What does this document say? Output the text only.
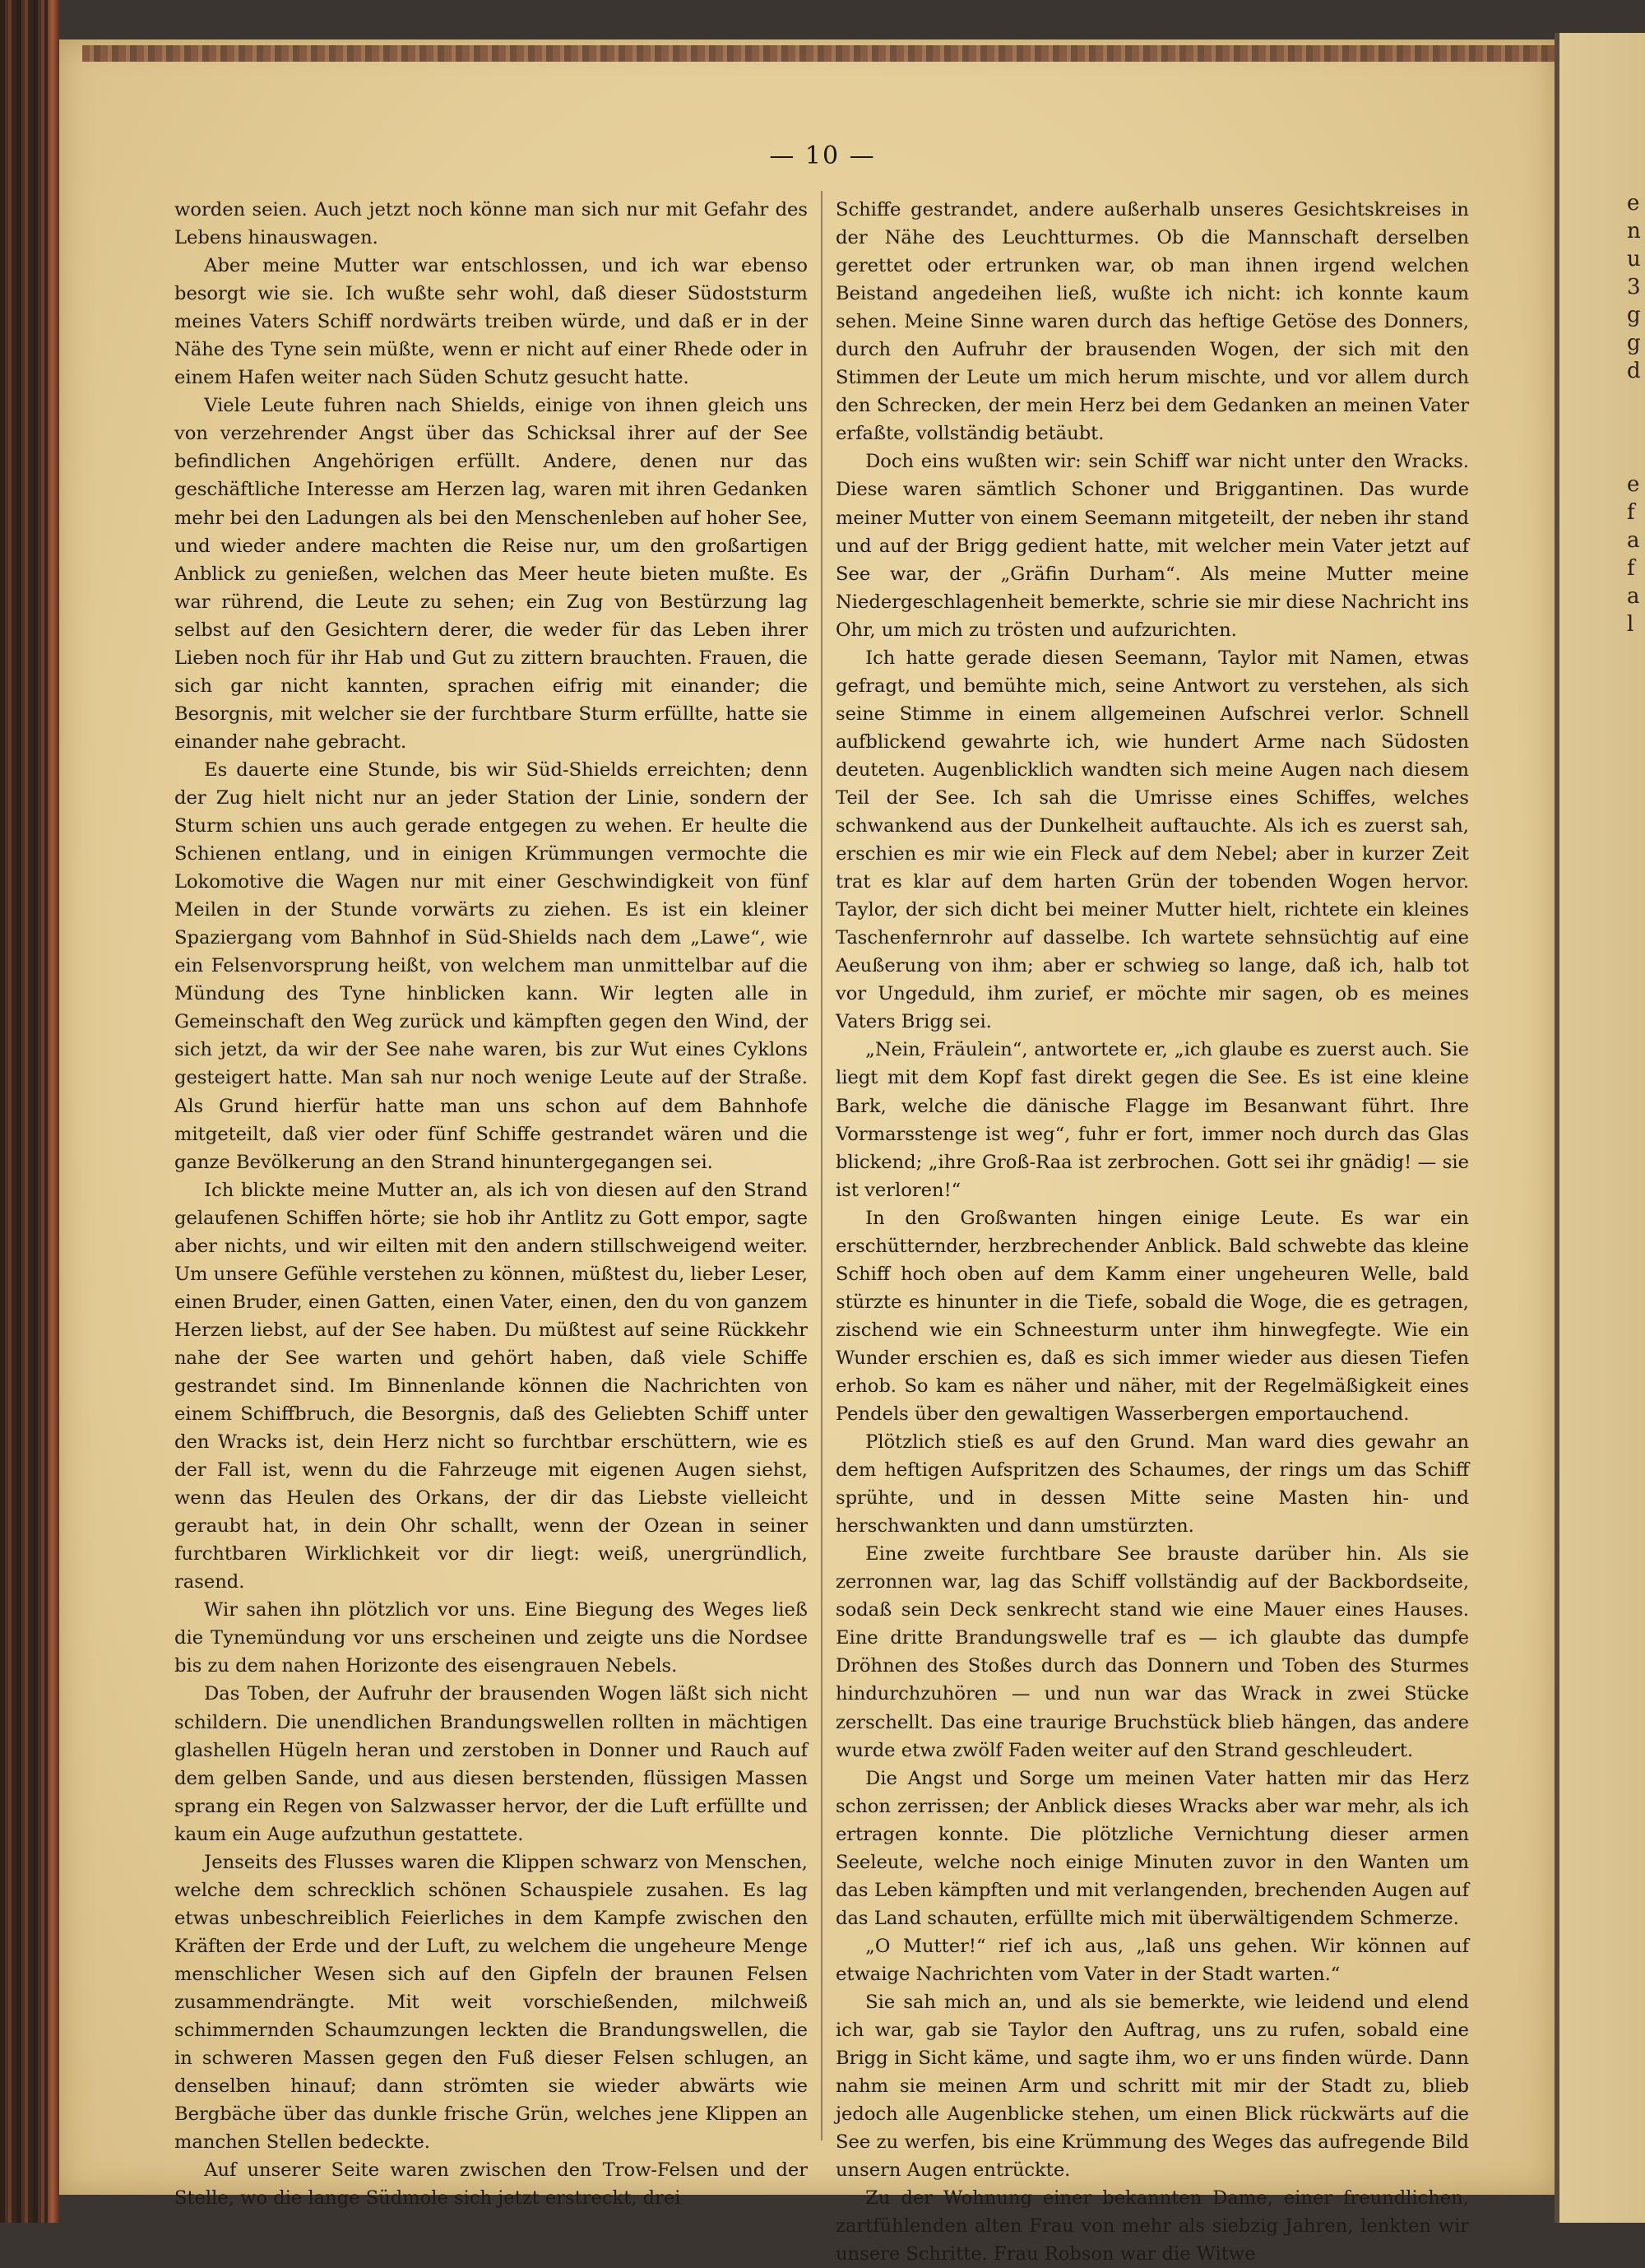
— 10 —

worden seien. Auch jetzt noch könne man sich nur mit Gefahr des Lebens hinauswagen.

Aber meine Mutter war entschlossen, und ich war ebenso besorgt wie sie. Ich wußte sehr wohl, daß dieser Südoststurm meines Vaters Schiff nordwärts treiben würde, und daß er in der Nähe des Tyne sein müßte, wenn er nicht auf einer Rhede oder in einem Hafen weiter nach Süden Schutz gesucht hatte.

Viele Leute fuhren nach Shields, einige von ihnen gleich uns von verzehrender Angst über das Schicksal ihrer auf der See befindlichen Angehörigen erfüllt. Andere, denen nur das geschäftliche Interesse am Herzen lag, waren mit ihren Gedanken mehr bei den Ladungen als bei den Menschenleben auf hoher See, und wieder andere machten die Reise nur, um den großartigen Anblick zu genießen, welchen das Meer heute bieten mußte. Es war rührend, die Leute zu sehen; ein Zug von Bestürzung lag selbst auf den Gesichtern derer, die weder für das Leben ihrer Lieben noch für ihr Hab und Gut zu zittern brauchten. Frauen, die sich gar nicht kannten, sprachen eifrig mit einander; die Besorgnis, mit welcher sie der furchtbare Sturm erfüllte, hatte sie einander nahe gebracht.

Es dauerte eine Stunde, bis wir Süd-Shields erreichten; denn der Zug hielt nicht nur an jeder Station der Linie, sondern der Sturm schien uns auch gerade entgegen zu wehen. Er heulte die Schienen entlang, und in einigen Krümmungen vermochte die Lokomotive die Wagen nur mit einer Geschwindigkeit von fünf Meilen in der Stunde vorwärts zu ziehen. Es ist ein kleiner Spaziergang vom Bahnhof in Süd-Shields nach dem „Lawe“, wie ein Felsenvorsprung heißt, von welchem man unmittelbar auf die Mündung des Tyne hinblicken kann. Wir legten alle in Gemeinschaft den Weg zurück und kämpften gegen den Wind, der sich jetzt, da wir der See nahe waren, bis zur Wut eines Cyklons gesteigert hatte. Man sah nur noch wenige Leute auf der Straße. Als Grund hierfür hatte man uns schon auf dem Bahnhofe mitgeteilt, daß vier oder fünf Schiffe gestrandet wären und die ganze Bevölkerung an den Strand hinuntergegangen sei.

Ich blickte meine Mutter an, als ich von diesen auf den Strand gelaufenen Schiffen hörte; sie hob ihr Antlitz zu Gott empor, sagte aber nichts, und wir eilten mit den andern stillschweigend weiter. Um unsere Gefühle verstehen zu können, müßtest du, lieber Leser, einen Bruder, einen Gatten, einen Vater, einen, den du von ganzem Herzen liebst, auf der See haben. Du müßtest auf seine Rückkehr nahe der See warten und gehört haben, daß viele Schiffe gestrandet sind. Im Binnenlande können die Nachrichten von einem Schiffbruch, die Besorgnis, daß des Geliebten Schiff unter den Wracks ist, dein Herz nicht so furchtbar erschüttern, wie es der Fall ist, wenn du die Fahrzeuge mit eigenen Augen siehst, wenn das Heulen des Orkans, der dir das Liebste vielleicht geraubt hat, in dein Ohr schallt, wenn der Ozean in seiner furchtbaren Wirklichkeit vor dir liegt: weiß, unergründlich, rasend.

Wir sahen ihn plötzlich vor uns. Eine Biegung des Weges ließ die Tynemündung vor uns erscheinen und zeigte uns die Nordsee bis zu dem nahen Horizonte des eisengrauen Nebels.

Das Toben, der Aufruhr der brausenden Wogen läßt sich nicht schildern. Die unendlichen Brandungswellen rollten in mächtigen glashellen Hügeln heran und zerstoben in Donner und Rauch auf dem gelben Sande, und aus diesen berstenden, flüssigen Massen sprang ein Regen von Salzwasser hervor, der die Luft erfüllte und kaum ein Auge aufzuthun gestattete.

Jenseits des Flusses waren die Klippen schwarz von Menschen, welche dem schrecklich schönen Schauspiele zusahen. Es lag etwas unbeschreiblich Feierliches in dem Kampfe zwischen den Kräften der Erde und der Luft, zu welchem die ungeheure Menge menschlicher Wesen sich auf den Gipfeln der braunen Felsen zusammendrängte. Mit weit vorschießenden, milchweiß schimmernden Schaumzungen leckten die Brandungswellen, die in schweren Massen gegen den Fuß dieser Felsen schlugen, an denselben hinauf; dann strömten sie wieder abwärts wie Bergbäche über das dunkle frische Grün, welches jene Klippen an manchen Stellen bedeckte.

Auf unserer Seite waren zwischen den Trow-Felsen und der Stelle, wo die lange Südmole sich jetzt erstreckt, drei

Schiffe gestrandet, andere außerhalb unseres Gesichtskreises in der Nähe des Leuchtturmes. Ob die Mannschaft derselben gerettet oder ertrunken war, ob man ihnen irgend welchen Beistand angedeihen ließ, wußte ich nicht: ich konnte kaum sehen. Meine Sinne waren durch das heftige Getöse des Donners, durch den Aufruhr der brausenden Wogen, der sich mit den Stimmen der Leute um mich herum mischte, und vor allem durch den Schrecken, der mein Herz bei dem Gedanken an meinen Vater erfaßte, vollständig betäubt.

Doch eins wußten wir: sein Schiff war nicht unter den Wracks. Diese waren sämtlich Schoner und Briggantinen. Das wurde meiner Mutter von einem Seemann mitgeteilt, der neben ihr stand und auf der Brigg gedient hatte, mit welcher mein Vater jetzt auf See war, der „Gräfin Durham“. Als meine Mutter meine Niedergeschlagenheit bemerkte, schrie sie mir diese Nachricht ins Ohr, um mich zu trösten und aufzurichten.

Ich hatte gerade diesen Seemann, Taylor mit Namen, etwas gefragt, und bemühte mich, seine Antwort zu verstehen, als sich seine Stimme in einem allgemeinen Aufschrei verlor. Schnell aufblickend gewahrte ich, wie hundert Arme nach Südosten deuteten. Augenblicklich wandten sich meine Augen nach diesem Teil der See. Ich sah die Umrisse eines Schiffes, welches schwankend aus der Dunkelheit auftauchte. Als ich es zuerst sah, erschien es mir wie ein Fleck auf dem Nebel; aber in kurzer Zeit trat es klar auf dem harten Grün der tobenden Wogen hervor. Taylor, der sich dicht bei meiner Mutter hielt, richtete ein kleines Taschenfernrohr auf dasselbe. Ich wartete sehnsüchtig auf eine Aeußerung von ihm; aber er schwieg so lange, daß ich, halb tot vor Ungeduld, ihm zurief, er möchte mir sagen, ob es meines Vaters Brigg sei.

„Nein, Fräulein“, antwortete er, „ich glaube es zuerst auch. Sie liegt mit dem Kopf fast direkt gegen die See. Es ist eine kleine Bark, welche die dänische Flagge im Besanwant führt. Ihre Vormarsstenge ist weg“, fuhr er fort, immer noch durch das Glas blickend; „ihre Groß-Raa ist zerbrochen. Gott sei ihr gnädig! — sie ist verloren!“

In den Großwanten hingen einige Leute. Es war ein erschütternder, herzbrechender Anblick. Bald schwebte das kleine Schiff hoch oben auf dem Kamm einer ungeheuren Welle, bald stürzte es hinunter in die Tiefe, sobald die Woge, die es getragen, zischend wie ein Schneesturm unter ihm hinwegfegte. Wie ein Wunder erschien es, daß es sich immer wieder aus diesen Tiefen erhob. So kam es näher und näher, mit der Regelmäßigkeit eines Pendels über den gewaltigen Wasserbergen emportauchend.

Plötzlich stieß es auf den Grund. Man ward dies gewahr an dem heftigen Aufspritzen des Schaumes, der rings um das Schiff sprühte, und in dessen Mitte seine Masten hin- und herschwankten und dann umstürzten.

Eine zweite furchtbare See brauste darüber hin. Als sie zerronnen war, lag das Schiff vollständig auf der Backbordseite, sodaß sein Deck senkrecht stand wie eine Mauer eines Hauses. Eine dritte Brandungswelle traf es — ich glaubte das dumpfe Dröhnen des Stoßes durch das Donnern und Toben des Sturmes hindurchzuhören — und nun war das Wrack in zwei Stücke zerschellt. Das eine traurige Bruchstück blieb hängen, das andere wurde etwa zwölf Faden weiter auf den Strand geschleudert.

Die Angst und Sorge um meinen Vater hatten mir das Herz schon zerrissen; der Anblick dieses Wracks aber war mehr, als ich ertragen konnte. Die plötzliche Vernichtung dieser armen Seeleute, welche noch einige Minuten zuvor in den Wanten um das Leben kämpften und mit verlangenden, brechenden Augen auf das Land schauten, erfüllte mich mit überwältigendem Schmerze.

„O Mutter!“ rief ich aus, „laß uns gehen. Wir können auf etwaige Nachrichten vom Vater in der Stadt warten.“

Sie sah mich an, und als sie bemerkte, wie leidend und elend ich war, gab sie Taylor den Auftrag, uns zu rufen, sobald eine Brigg in Sicht käme, und sagte ihm, wo er uns finden würde. Dann nahm sie meinen Arm und schritt mit mir der Stadt zu, blieb jedoch alle Augenblicke stehen, um einen Blick rückwärts auf die See zu werfen, bis eine Krümmung des Weges das aufregende Bild unsern Augen entrückte.

Zu der Wohnung einer bekannten Dame, einer freundlichen, zartfühlenden alten Frau von mehr als siebzig Jahren, lenkten wir unsere Schritte. Frau Robson war die Witwe

e
n
u
3
g
g
d
e
f
a
f
a
l
